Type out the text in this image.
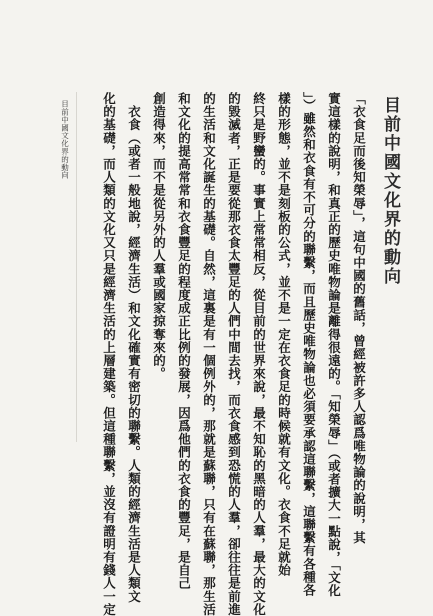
目前中國文化界的動向
「衣食足而後知榮辱」，這句中國的舊話，曾經被許多人認爲唯物論的說明，其
實這樣的說明，和真正的歷史唯物論是離得很遠的。「知榮辱」（或者擴大一點說，「文化
」）雖然和衣食有不可分的聯繫，而且歷史唯物論也必須要承認這聯繫，這聯繫有各種各
樣的形態，並不是刻板的公式，並不是一定在衣食足的時候就有文化。衣食不足就始
終只是野蠻的。事實上常常相反，從目前的世界來說，最不知恥的黑暗的人羣，最大的文化
的毀滅者，正是要從那衣食太豐足的人們中間去找，而衣食感到恐慌的人羣，卻往往是前進
的生活和文化誕生的基礎。自然，這裏是有一個例外的，那就是蘇聯，只有在蘇聯，那生活
和文化的提高常常和衣食豐足的程度成正比例的發展，因爲他們的衣食的豐足，是自己
創造得來，而不是從另外的人羣或國家掠奪來的。
　衣食（或者一般地說，經濟生活）和文化確實有密切的聯繫。人類的經濟生活是人類文
化的基礎，而人類的文化又只是經濟生活的上層建築。但這種聯繫，並沒有證明有錢人一定
目前中國文化界的動向
